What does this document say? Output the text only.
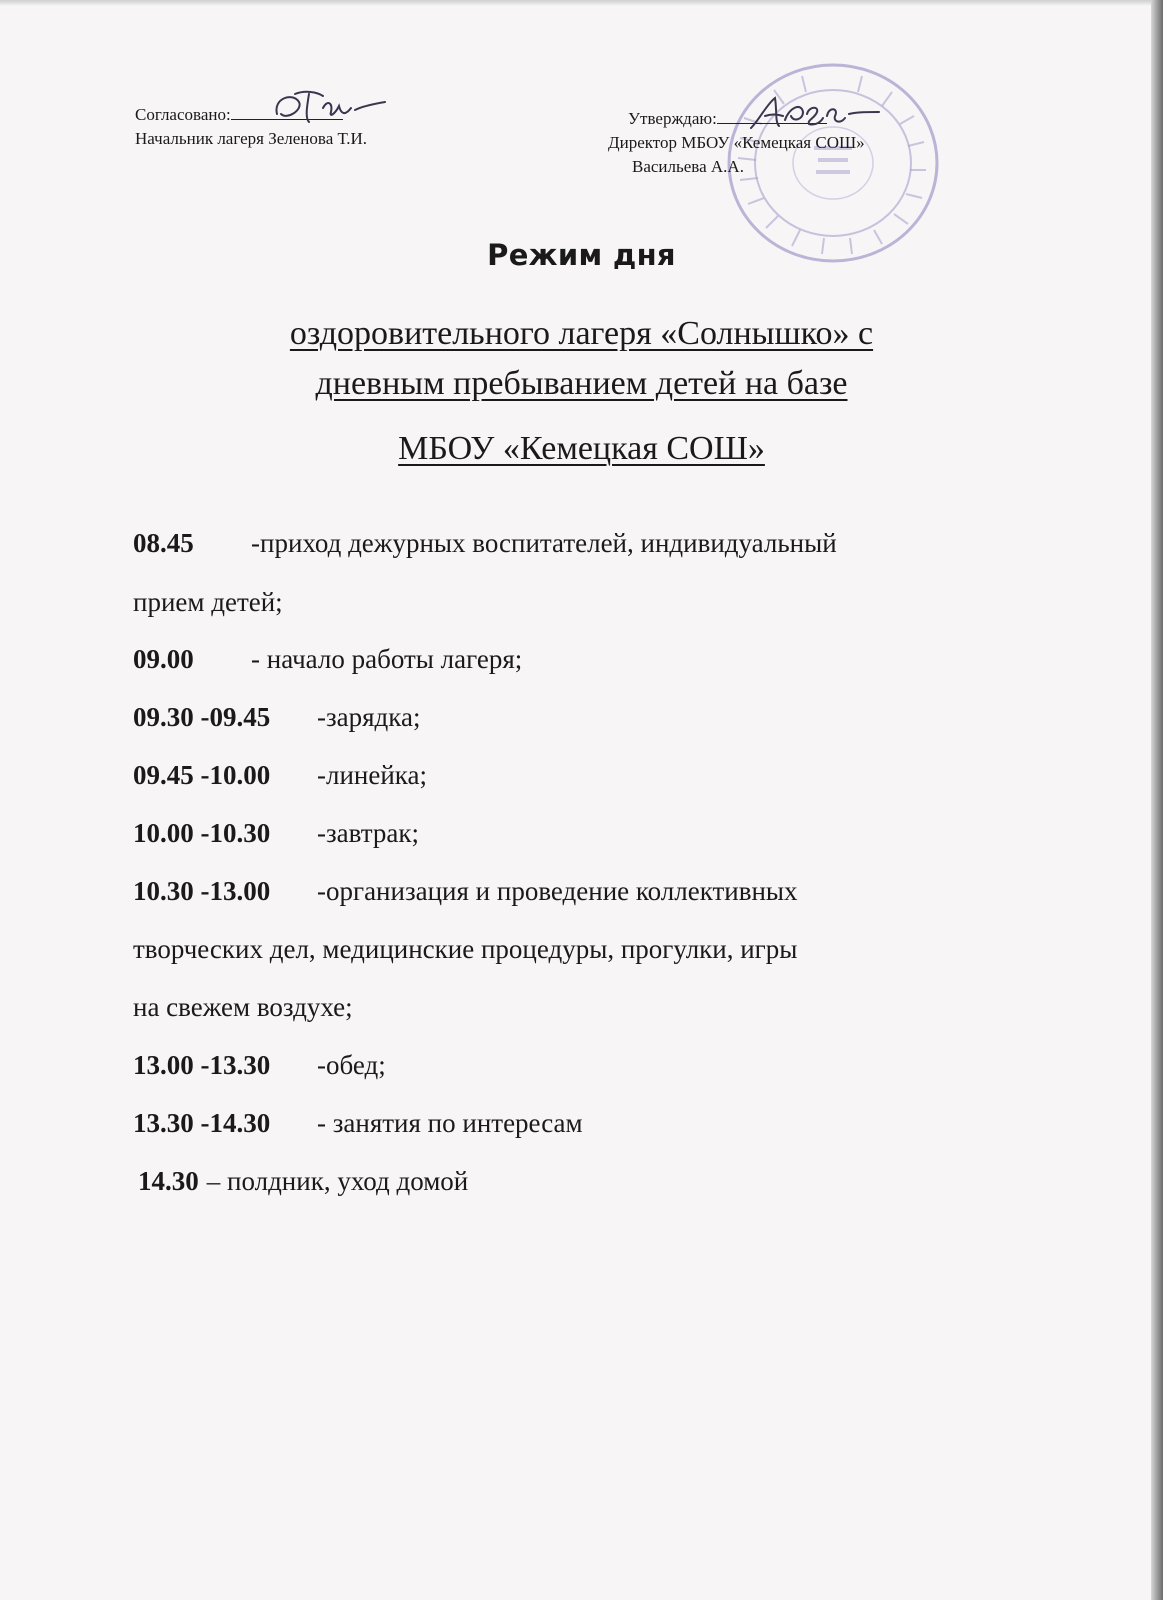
Согласовано:
Начальник лагеря Зеленова Т.И.
Утверждаю:
Директор МБОУ «Кемецкая СОШ»
Васильева А.А.
Режим дня
оздоровительного лагеря «Солнышко» с
дневным пребыванием детей на базе
МБОУ «Кемецкая СОШ»
08.45 -приход дежурных воспитателей, индивидуальный
прием детей;
09.00 - начало работы лагеря;
09.30 -09.45 -зарядка;
09.45 -10.00 -линейка;
10.00 -10.30 -завтрак;
10.30 -13.00 -организация и проведение коллективных
творческих дел, медицинские процедуры, прогулки, игры
на свежем воздухе;
13.00 -13.30 -обед;
13.30 -14.30 - занятия по интересам
14.30 – полдник, уход домой
